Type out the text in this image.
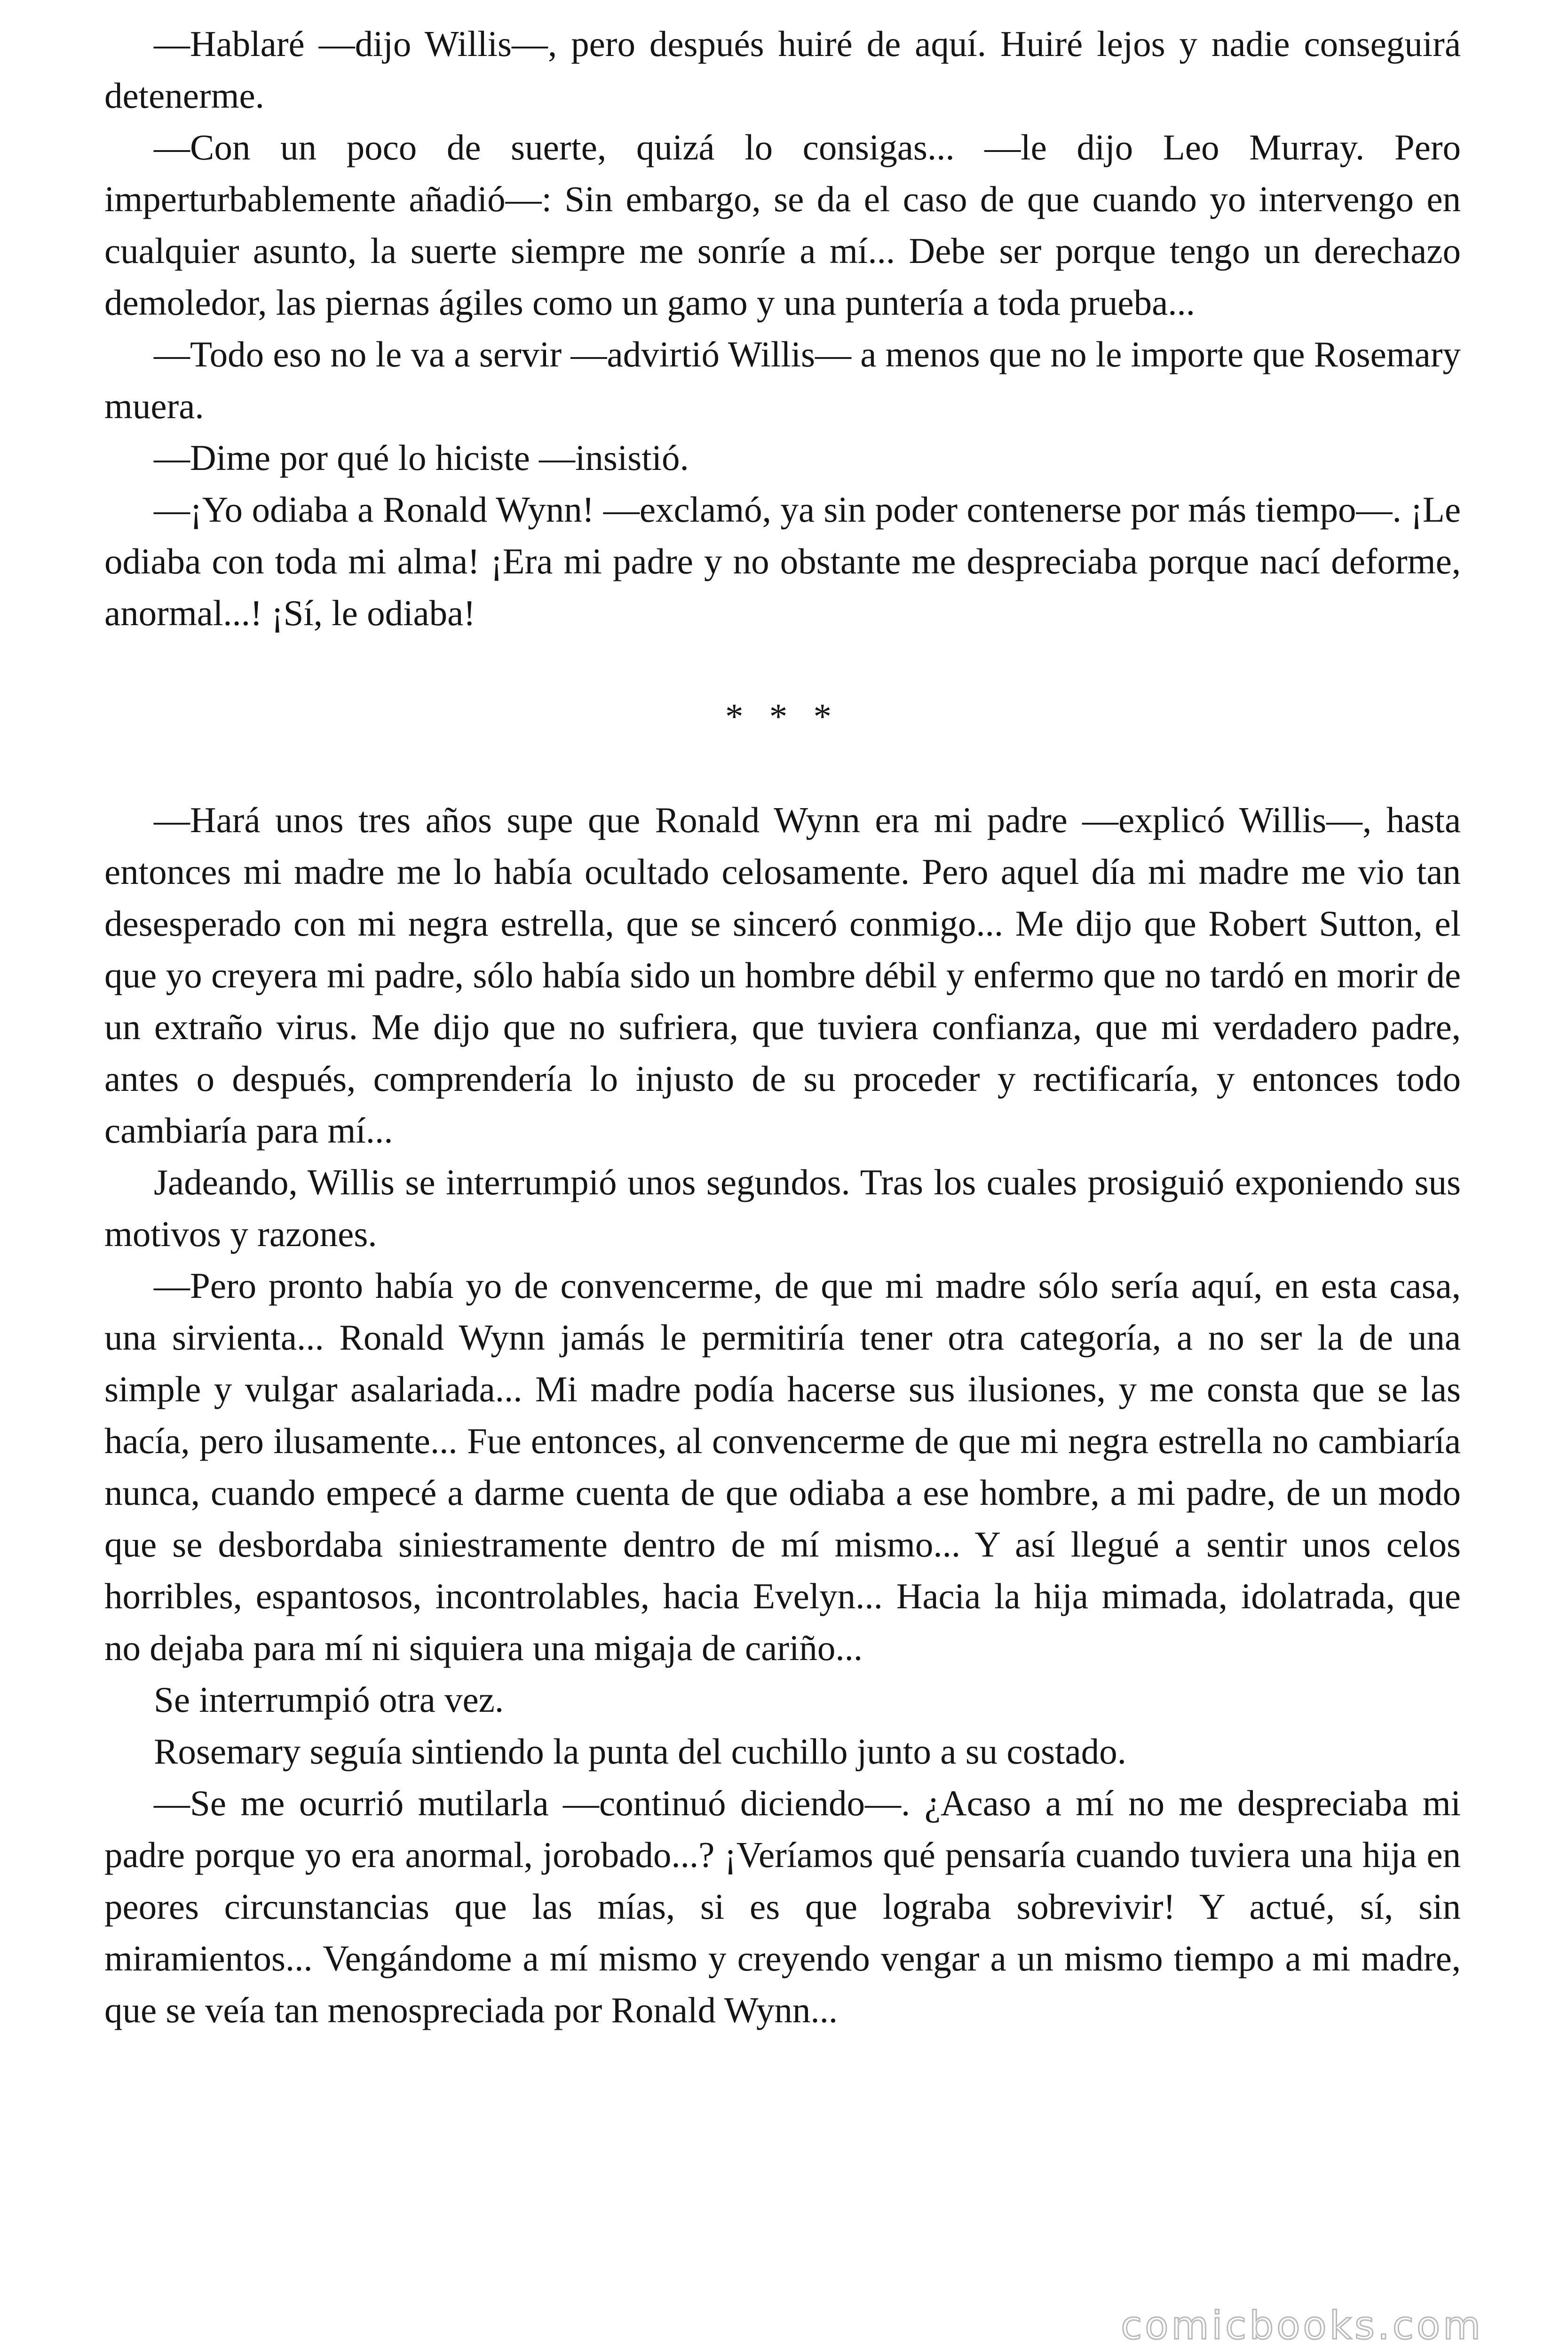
—Hablaré —dijo Willis—, pero después huiré de aquí. Huiré lejos y nadie conseguirá detenerme.

—Con un poco de suerte, quizá lo consigas... —le dijo Leo Murray. Pero imperturbablemente añadió—: Sin embargo, se da el caso de que cuando yo intervengo en cualquier asunto, la suerte siempre me sonríe a mí... Debe ser porque tengo un derechazo demoledor, las piernas ágiles como un gamo y una puntería a toda prueba...

—Todo eso no le va a servir —advirtió Willis— a menos que no le importe que Rosemary muera.

—Dime por qué lo hiciste —insistió.

—¡Yo odiaba a Ronald Wynn! —exclamó, ya sin poder contenerse por más tiempo—. ¡Le odiaba con toda mi alma! ¡Era mi padre y no obstante me despreciaba porque nací deforme, anormal...! ¡Sí, le odiaba!

* * *

—Hará unos tres años supe que Ronald Wynn era mi padre —explicó Willis—, hasta entonces mi madre me lo había ocultado celosamente. Pero aquel día mi madre me vio tan desesperado con mi negra estrella, que se sinceró conmigo... Me dijo que Robert Sutton, el que yo creyera mi padre, sólo había sido un hombre débil y enfermo que no tardó en morir de un extraño virus. Me dijo que no sufriera, que tuviera confianza, que mi verdadero padre, antes o después, comprendería lo injusto de su proceder y rectificaría, y entonces todo cambiaría para mí...

Jadeando, Willis se interrumpió unos segundos. Tras los cuales prosiguió exponiendo sus motivos y razones.

—Pero pronto había yo de convencerme, de que mi madre sólo sería aquí, en esta casa, una sirvienta... Ronald Wynn jamás le permitiría tener otra categoría, a no ser la de una simple y vulgar asalariada... Mi madre podía hacerse sus ilusiones, y me consta que se las hacía, pero ilusamente... Fue entonces, al convencerme de que mi negra estrella no cambiaría nunca, cuando empecé a darme cuenta de que odiaba a ese hombre, a mi padre, de un modo que se desbordaba siniestramente dentro de mí mismo... Y así llegué a sentir unos celos horribles, espantosos, incontrolables, hacia Evelyn... Hacia la hija mimada, idolatrada, que no dejaba para mí ni siquiera una migaja de cariño...

Se interrumpió otra vez.

Rosemary seguía sintiendo la punta del cuchillo junto a su costado.

—Se me ocurrió mutilarla —continuó diciendo—. ¿Acaso a mí no me despreciaba mi padre porque yo era anormal, jorobado...? ¡Veríamos qué pensaría cuando tuviera una hija en peores circunstancias que las mías, si es que lograba sobrevivir! Y actué, sí, sin miramientos... Vengándome a mí mismo y creyendo vengar a un mismo tiempo a mi madre, que se veía tan menospreciada por Ronald Wynn...

comicbooks.com
